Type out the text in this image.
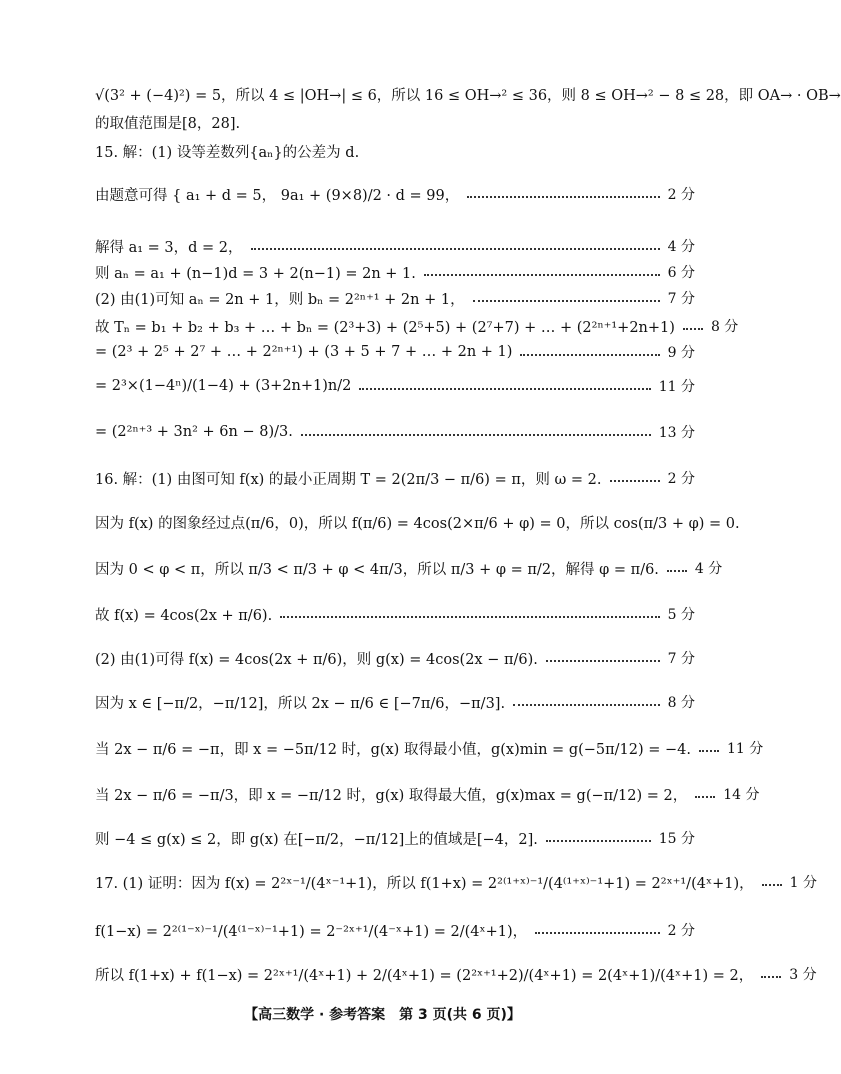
√(3² + (−4)²) = 5，所以 4 ≤ |OH→| ≤ 6，所以 16 ≤ OH→² ≤ 36，则 8 ≤ OH→² − 8 ≤ 28，即 OA→ · OB→
的取值范围是[8，28].
15. 解：(1) 设等差数列{aₙ}的公差为 d.
由题意可得 { a₁ + d = 5， 9a₁ + (9×8)/2 · d = 99，	2 分
解得 a₁ = 3，d = 2，	4 分
则 aₙ = a₁ + (n−1)d = 3 + 2(n−1) = 2n + 1.	6 分
(2) 由(1)可知 aₙ = 2n + 1，则 bₙ = 2²ⁿ⁺¹ + 2n + 1，	7 分
故 Tₙ = b₁ + b₂ + b₃ + … + bₙ = (2³+3) + (2⁵+5) + (2⁷+7) + … + (2²ⁿ⁺¹+2n+1)	8 分
= (2³ + 2⁵ + 2⁷ + … + 2²ⁿ⁺¹) + (3 + 5 + 7 + … + 2n + 1)	9 分
= 2³×(1−4ⁿ)/(1−4) + (3+2n+1)n/2	11 分
= (2²ⁿ⁺³ + 3n² + 6n − 8)/3.	13 分
16. 解：(1) 由图可知 f(x) 的最小正周期 T = 2(2π/3 − π/6) = π，则 ω = 2.	2 分
因为 f(x) 的图象经过点(π/6，0)，所以 f(π/6) = 4cos(2×π/6 + φ) = 0，所以 cos(π/3 + φ) = 0.
因为 0 < φ < π，所以 π/3 < π/3 + φ < 4π/3，所以 π/3 + φ = π/2，解得 φ = π/6.	4 分
故 f(x) = 4cos(2x + π/6).	5 分
(2) 由(1)可得 f(x) = 4cos(2x + π/6)，则 g(x) = 4cos(2x − π/6).	7 分
因为 x ∈ [−π/2，−π/12]，所以 2x − π/6 ∈ [−7π/6，−π/3].	8 分
当 2x − π/6 = −π，即 x = −5π/12 时，g(x) 取得最小值，g(x)min = g(−5π/12) = −4.	11 分
当 2x − π/6 = −π/3，即 x = −π/12 时，g(x) 取得最大值，g(x)max = g(−π/12) = 2，	14 分
则 −4 ≤ g(x) ≤ 2，即 g(x) 在[−π/2，−π/12]上的值域是[−4，2].	15 分
17. (1) 证明：因为 f(x) = 2²ˣ⁻¹/(4ˣ⁻¹+1)，所以 f(1+x) = 2²⁽¹⁺ˣ⁾⁻¹/(4⁽¹⁺ˣ⁾⁻¹+1) = 2²ˣ⁺¹/(4ˣ+1)，	1 分
f(1−x) = 2²⁽¹⁻ˣ⁾⁻¹/(4⁽¹⁻ˣ⁾⁻¹+1) = 2⁻²ˣ⁺¹/(4⁻ˣ+1) = 2/(4ˣ+1)，	2 分
所以 f(1+x) + f(1−x) = 2²ˣ⁺¹/(4ˣ+1) + 2/(4ˣ+1) = (2²ˣ⁺¹+2)/(4ˣ+1) = 2(4ˣ+1)/(4ˣ+1) = 2，	3 分
【高三数学 · 参考答案　第 3 页(共 6 页)】
